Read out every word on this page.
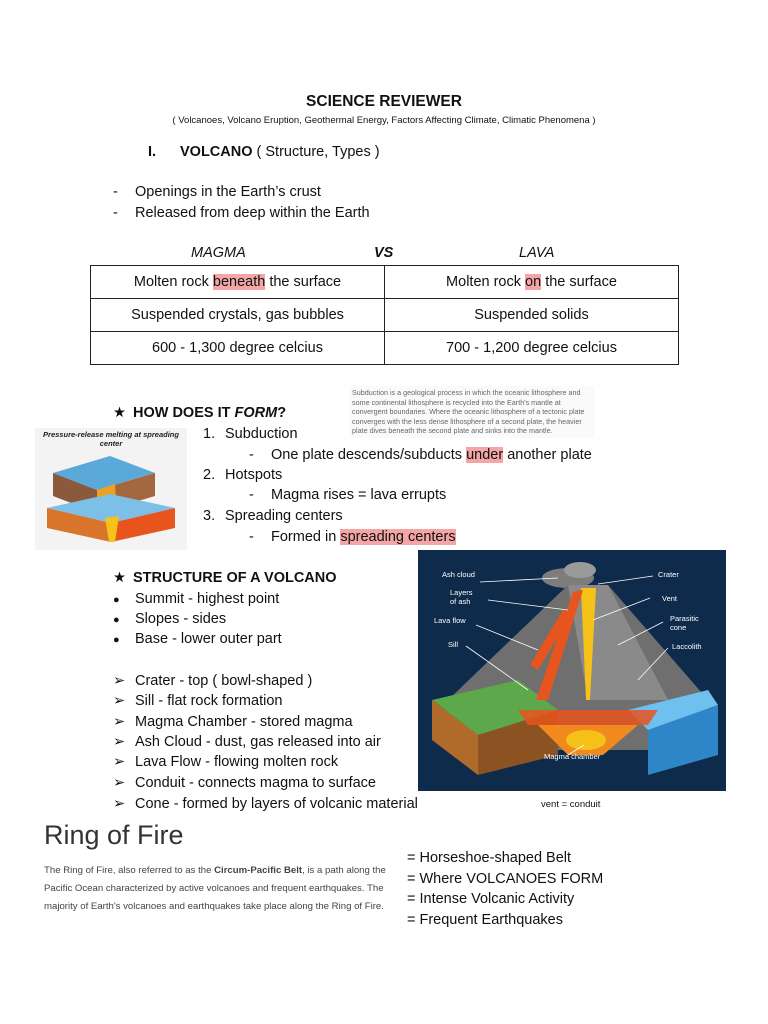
SCIENCE REVIEWER
( Volcanoes, Volcano Eruption, Geothermal Energy, Factors Affecting Climate, Climatic Phenomena )
I. VOLCANO ( Structure, Types )
- Openings in the Earth’s crust
- Released from deep within the Earth
MAGMA	VS	LAVA
Molten rock beneath the surface	Molten rock on the surface
Suspended crystals, gas bubbles	Suspended solids
600 - 1,300 degree celcius	700 - 1,200 degree celcius
Subduction is a geological process in which the oceanic lithosphere and some continental lithosphere is recycled into the Earth's mantle at convergent boundaries. Where the oceanic lithosphere of a tectonic plate converges with the less dense lithosphere of a second plate, the heavier plate dives beneath the second plate and sinks into the mantle.
★ HOW DOES IT FORM?
Pressure-release melting at spreading center
1. Subduction
- One plate descends/subducts under another plate
2. Hotspots
- Magma rises = lava errupts
3. Spreading centers
- Formed in spreading centers
★ STRUCTURE OF A VOLCANO
● Summit - highest point
● Slopes - sides
● Base - lower outer part
➢ Crater - top ( bowl-shaped )
➢ Sill - flat rock formation
➢ Magma Chamber - stored magma
➢ Ash Cloud - dust, gas released into air
➢ Lava Flow - flowing molten rock
➢ Conduit - connects magma to surface
➢ Cone - formed by layers of volcanic material
Ash cloud	Crater
Layers
of ash	Vent
Lava flow	Parasitic
cone
Sill	Laccolith
Magma chamber
vent = conduit
Ring of Fire
The Ring of Fire, also referred to as the Circum-Pacific Belt, is a path along the Pacific Ocean characterized by active volcanoes and frequent earthquakes. The majority of Earth's volcanoes and earthquakes take place along the Ring of Fire.
= Horseshoe-shaped Belt
= Where VOLCANOES FORM
= Intense Volcanic Activity
= Frequent Earthquakes
